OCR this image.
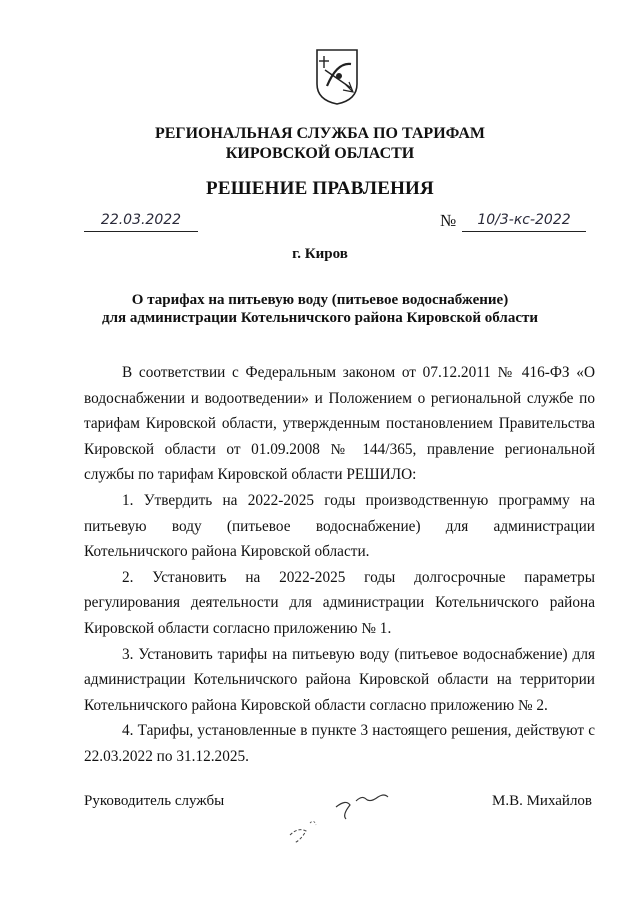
РЕГИОНАЛЬНАЯ СЛУЖБА ПО ТАРИФАМ
КИРОВСКОЙ ОБЛАСТИ
РЕШЕНИЕ ПРАВЛЕНИЯ
22.03.2022	№	10/3-кс-2022
г. Киров
О тарифах на питьевую воду (питьевое водоснабжение)
для администрации Котельничского района Кировской области

В соответствии с Федеральным законом от 07.12.2011 № 416-ФЗ «О водоснабжении и водоотведении» и Положением о региональной службе по тарифам Кировской области, утвержденным постановлением Правительства Кировской области от 01.09.2008 № 144/365, правление региональной службы по тарифам Кировской области РЕШИЛО:

1. Утвердить на 2022-2025 годы производственную программу на питьевую воду (питьевое водоснабжение) для администрации Котельничского района Кировской области.

2. Установить на 2022-2025 годы долгосрочные параметры регулирования деятельности для администрации Котельничского района Кировской области согласно приложению № 1.

3. Установить тарифы на питьевую воду (питьевое водоснабжение) для администрации Котельничского района Кировской области на территории Котельничского района Кировской области согласно приложению № 2.

4. Тарифы, установленные в пункте 3 настоящего решения, действуют с 22.03.2022 по 31.12.2025.

Руководитель службы	М.В. Михайлов
